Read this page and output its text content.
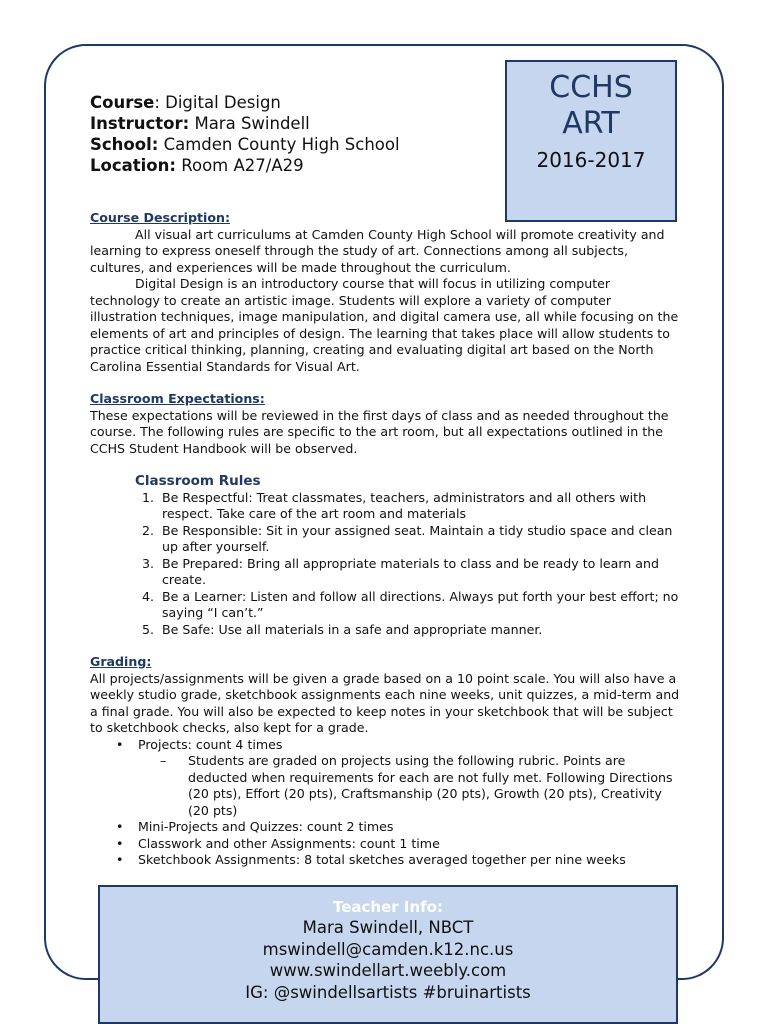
CCHS
ART
2016-2017
Course: Digital Design
Instructor: Mara Swindell
School: Camden County High School
Location: Room A27/A29
Course Description:

All visual art curriculums at Camden County High School will promote creativity and learning to express oneself through the study of art. Connections among all subjects, cultures, and experiences will be made throughout the curriculum.

Digital Design is an introductory course that will focus in utilizing computer technology to create an artistic image. Students will explore a variety of computer illustration techniques, image manipulation, and digital camera use, all while focusing on the elements of art and principles of design. The learning that takes place will allow students to practice critical thinking, planning, creating and evaluating digital art based on the North Carolina Essential Standards for Visual Art.

Classroom Expectations:

These expectations will be reviewed in the first days of class and as needed throughout the course. The following rules are specific to the art room, but all expectations outlined in the CCHS Student Handbook will be observed.

Classroom Rules
1. Be Respectful: Treat classmates, teachers, administrators and all others with respect. Take care of the art room and materials
2. Be Responsible: Sit in your assigned seat. Maintain a tidy studio space and clean up after yourself.
3. Be Prepared: Bring all appropriate materials to class and be ready to learn and create.
4. Be a Learner: Listen and follow all directions. Always put forth your best effort; no saying “I can’t.”
5. Be Safe: Use all materials in a safe and appropriate manner.
Grading:

All projects/assignments will be given a grade based on a 10 point scale. You will also have a weekly studio grade, sketchbook assignments each nine weeks, unit quizzes, a mid-term and a final grade. You will also be expected to keep notes in your sketchbook that will be subject to sketchbook checks, also kept for a grade.

• Projects: count 4 times
– Students are graded on projects using the following rubric. Points are deducted when requirements for each are not fully met. Following Directions (20 pts), Effort (20 pts), Craftsmanship (20 pts), Growth (20 pts), Creativity (20 pts)
• Mini-Projects and Quizzes: count 2 times
• Classwork and other Assignments: count 1 time
• Sketchbook Assignments: 8 total sketches averaged together per nine weeks
Teacher Info:
Mara Swindell, NBCT
mswindell@camden.k12.nc.us
www.swindellart.weebly.com
IG: @swindellsartists #bruinartists
